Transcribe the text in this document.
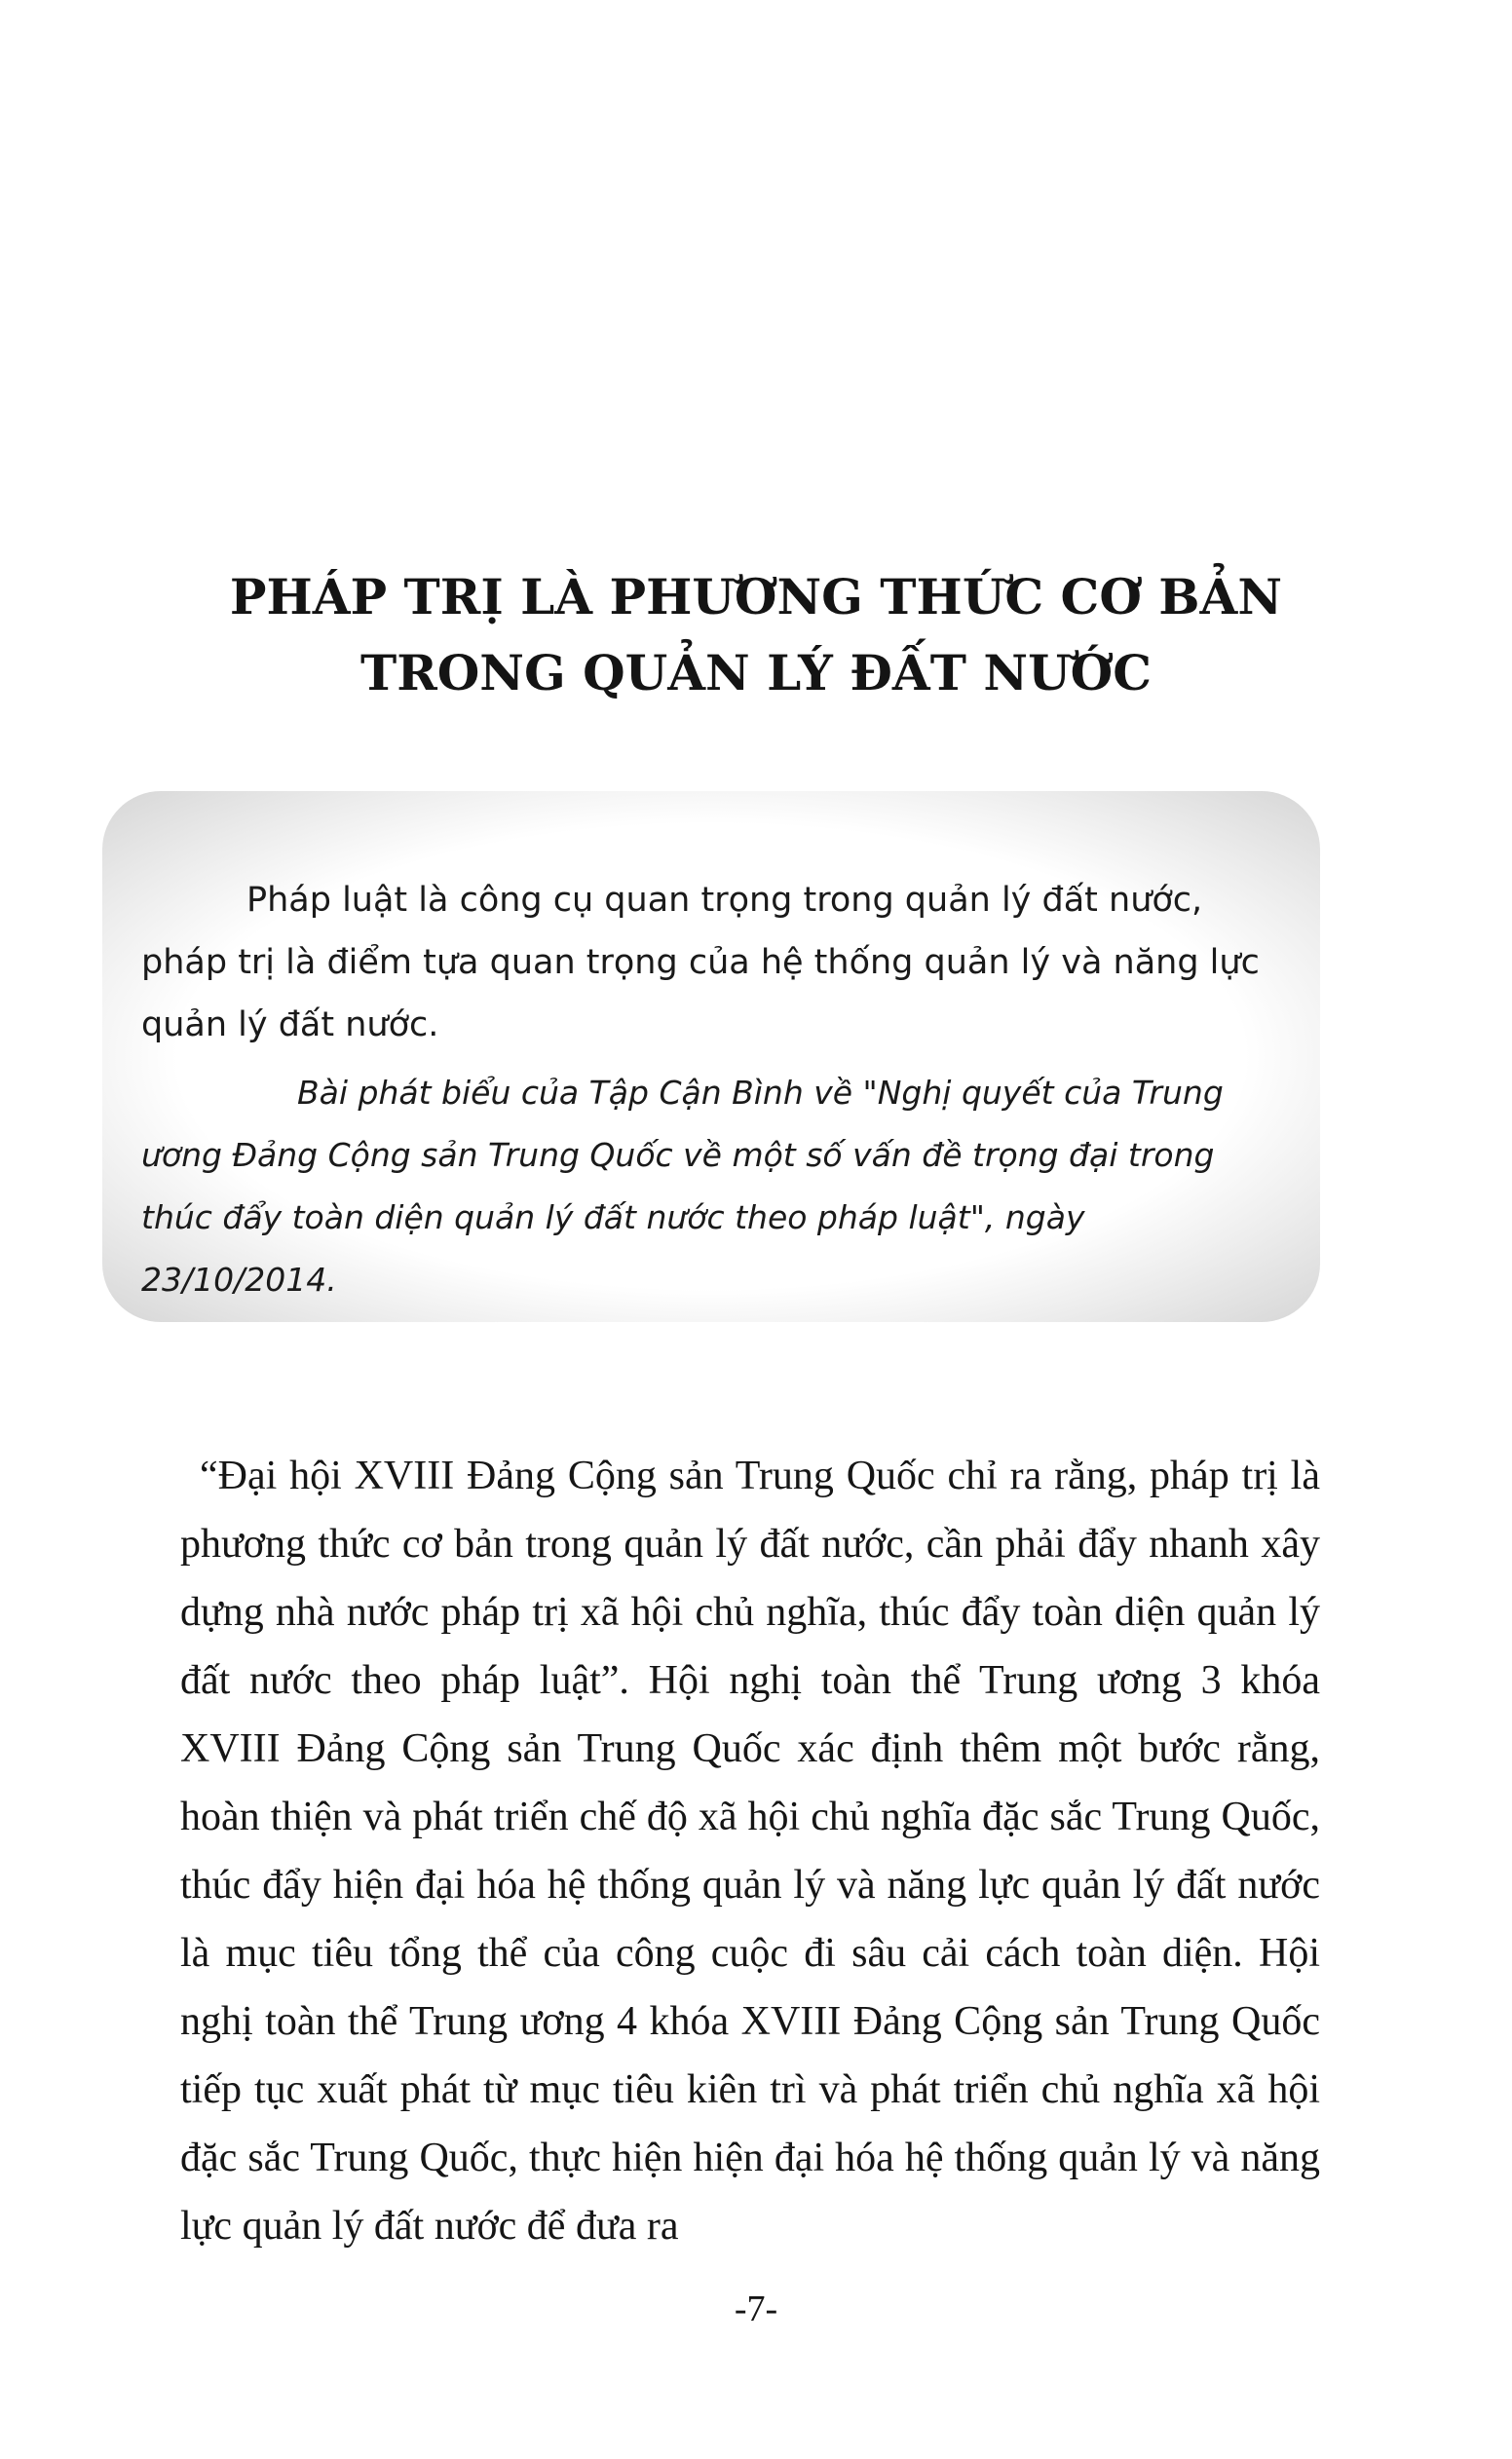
PHÁP TRỊ LÀ PHƯƠNG THỨC CƠ BẢN
TRONG QUẢN LÝ ĐẤT NƯỚC

Pháp luật là công cụ quan trọng trong quản lý đất nước, pháp trị là điểm tựa quan trọng của hệ thống quản lý và năng lực quản lý đất nước.

Bài phát biểu của Tập Cận Bình về "Nghị quyết của Trung ương Đảng Cộng sản Trung Quốc về một số vấn đề trọng đại trong thúc đẩy toàn diện quản lý đất nước theo pháp luật", ngày 23/10/2014.

“Đại hội XVIII Đảng Cộng sản Trung Quốc chỉ ra rằng, pháp trị là phương thức cơ bản trong quản lý đất nước, cần phải đẩy nhanh xây dựng nhà nước pháp trị xã hội chủ nghĩa, thúc đẩy toàn diện quản lý đất nước theo pháp luật”. Hội nghị toàn thể Trung ương 3 khóa XVIII Đảng Cộng sản Trung Quốc xác định thêm một bước rằng, hoàn thiện và phát triển chế độ xã hội chủ nghĩa đặc sắc Trung Quốc, thúc đẩy hiện đại hóa hệ thống quản lý và năng lực quản lý đất nước là mục tiêu tổng thể của công cuộc đi sâu cải cách toàn diện. Hội nghị toàn thể Trung ương 4 khóa XVIII Đảng Cộng sản Trung Quốc tiếp tục xuất phát từ mục tiêu kiên trì và phát triển chủ nghĩa xã hội đặc sắc Trung Quốc, thực hiện hiện đại hóa hệ thống quản lý và năng lực quản lý đất nước để đưa ra

-7-
